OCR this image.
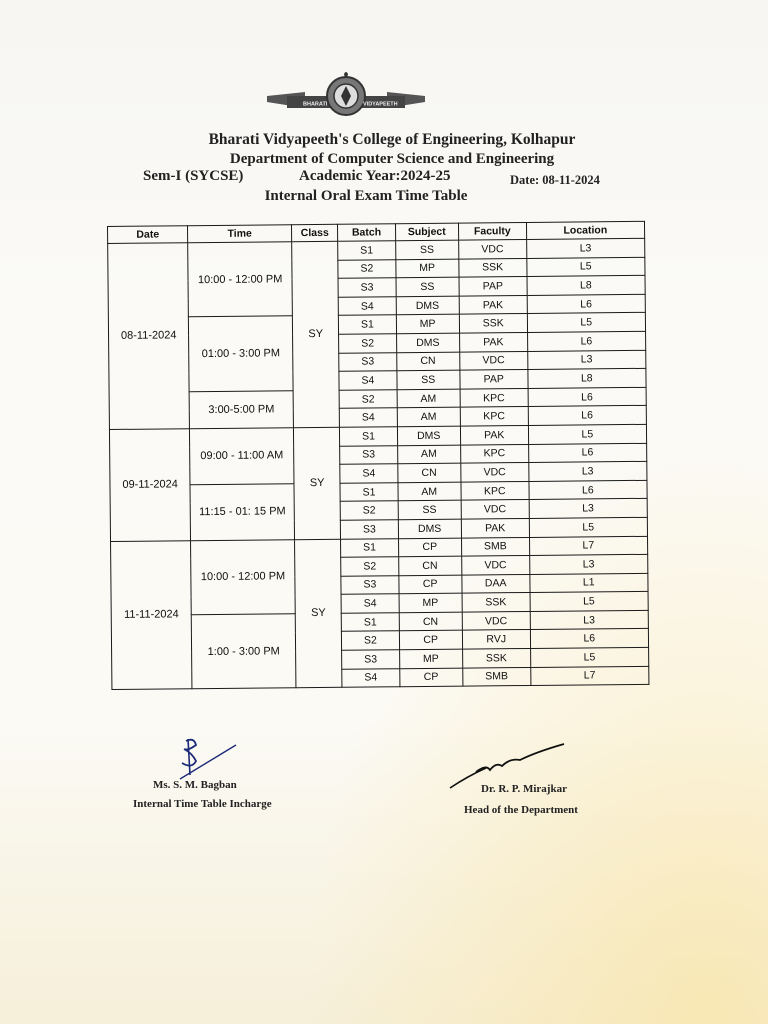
BHARATI	VIDYAPEETH
Bharati Vidyapeeth's College of Engineering, Kolhapur
Department of Computer Science and Engineering
Sem-I (SYCSE)	Academic Year:2024-25	Date: 08-11-2024
Internal Oral Exam Time Table
Date	Time	Class	Batch	Subject	Faculty	Location
08-11-2024	10:00 - 12:00 PM	SY	S1	SS	VDC	L3
			S2	MP	SSK	L5
			S3	SS	PAP	L8
			S4	DMS	PAK	L6
	01:00 - 3:00 PM		S1	MP	SSK	L5
			S2	DMS	PAK	L6
			S3	CN	VDC	L3
			S4	SS	PAP	L8
	3:00-5:00 PM		S2	AM	KPC	L6
			S4	AM	KPC	L6
09-11-2024	09:00 - 11:00 AM	SY	S1	DMS	PAK	L5
			S3	AM	KPC	L6
			S4	CN	VDC	L3
	11:15 - 01: 15 PM		S1	AM	KPC	L6
			S2	SS	VDC	L3
			S3	DMS	PAK	L5
11-11-2024	10:00 - 12:00 PM	SY	S1	CP	SMB	L7
			S2	CN	VDC	L3
			S3	CP	DAA	L1
			S4	MP	SSK	L5
	1:00 - 3:00 PM		S1	CN	VDC	L3
			S2	CP	RVJ	L6
			S3	MP	SSK	L5
			S4	CP	SMB	L7
Ms. S. M. Bagban
Internal Time Table Incharge
Dr. R. P. Mirajkar
Head of the Department
